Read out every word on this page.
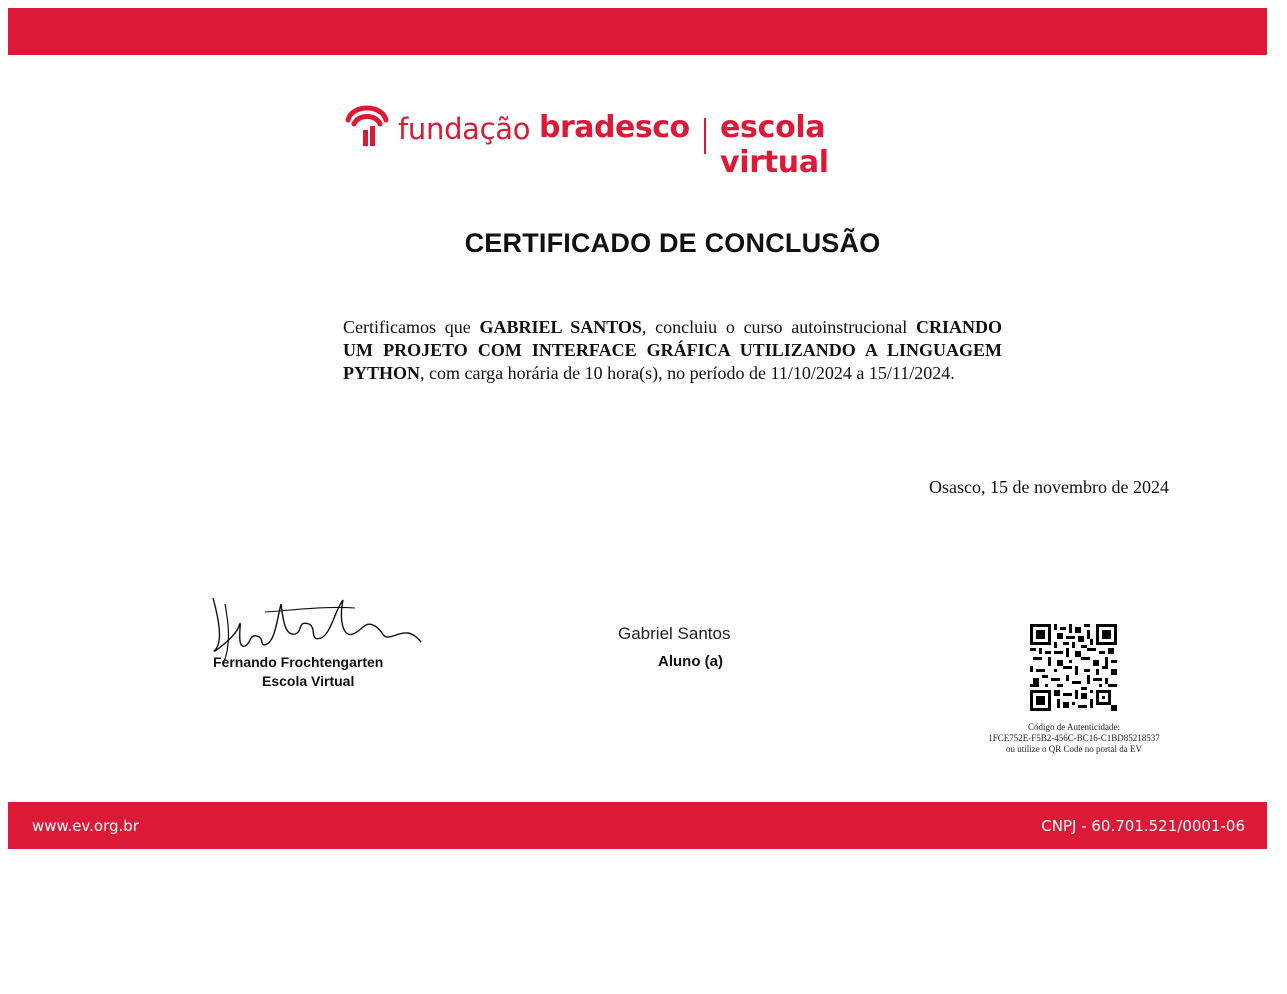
fundação bradesco escola virtual
CERTIFICADO DE CONCLUSÃO
Certificamos que GABRIEL SANTOS, concluiu o curso autoinstrucional CRIANDO UM PROJETO COM INTERFACE GRÁFICA UTILIZANDO A LINGUAGEM PYTHON, com carga horária de 10 hora(s), no período de 11/10/2024 a 15/11/2024.
Osasco, 15 de novembro de 2024
Fernando Frochtengarten
Escola Virtual
Gabriel Santos
Aluno (a)
Código de Autenticidade:
1FCE752E-F5B2-456C-BC16-C1BD85218537
ou utilize o QR Code no portal da EV
www.ev.org.br	CNPJ - 60.701.521/0001-06
